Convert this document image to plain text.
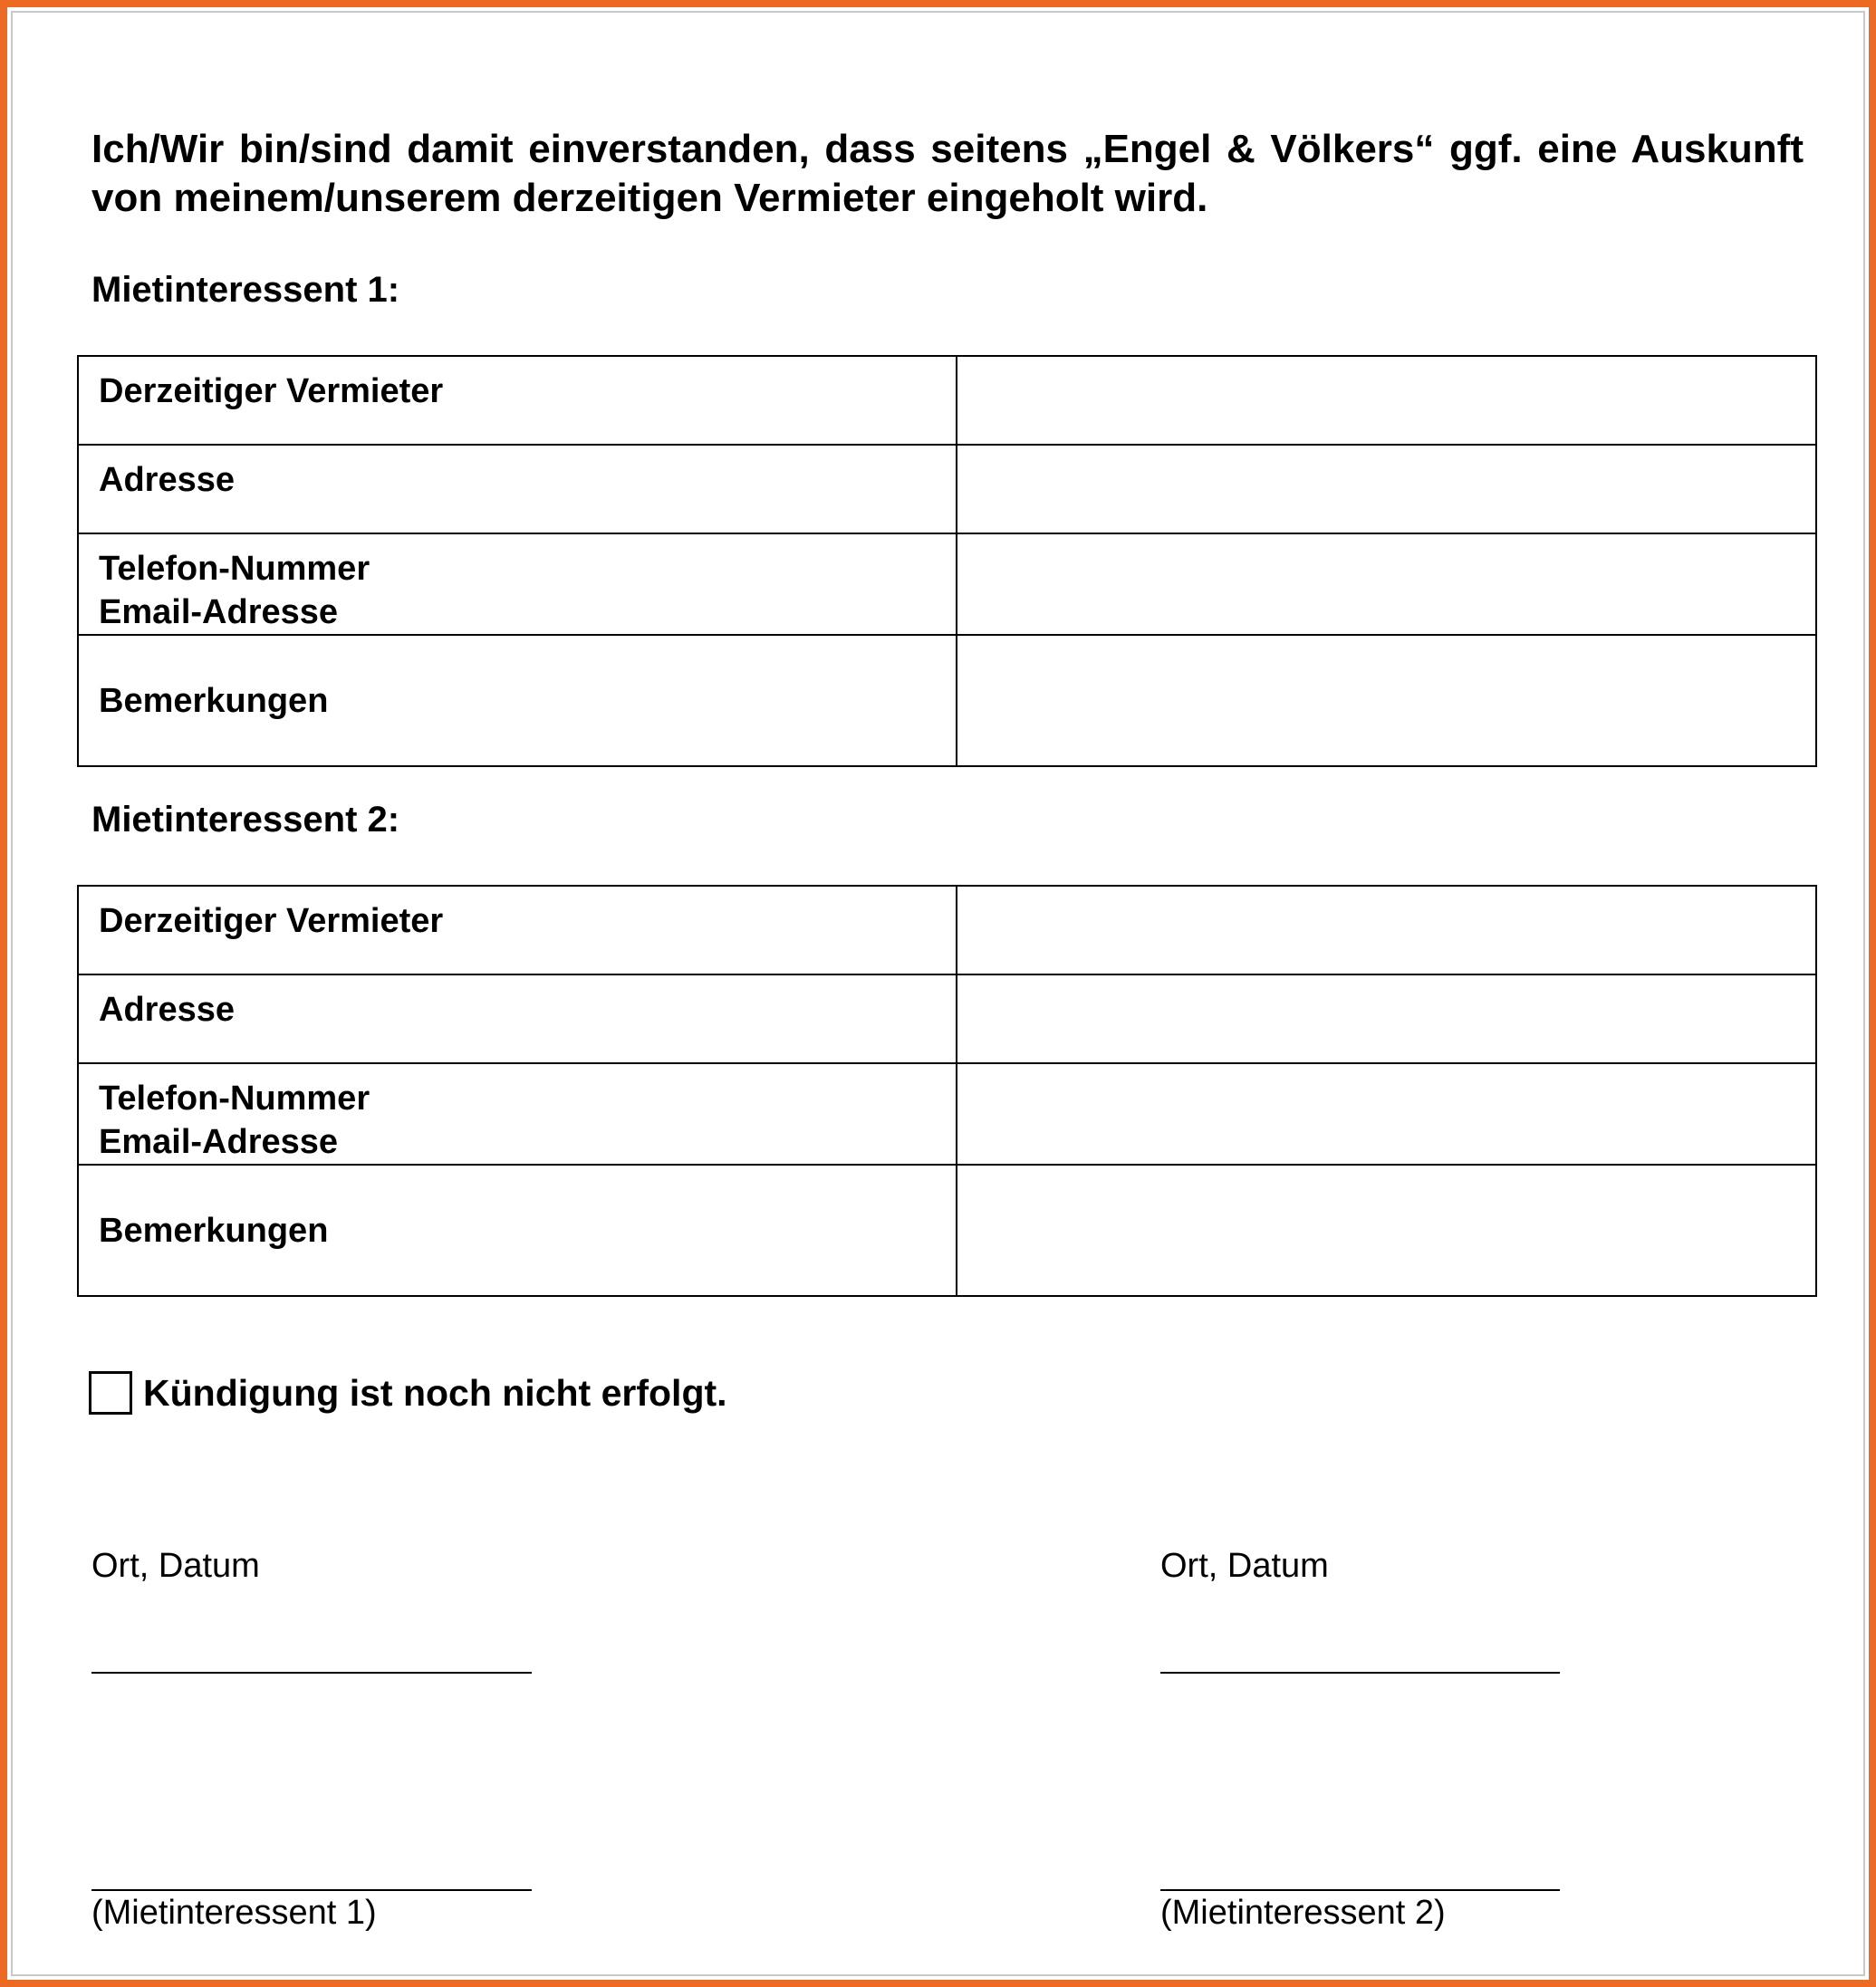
Ich/Wir bin/sind damit einverstanden, dass seitens „Engel & Völkers“ ggf. eine Auskunft von meinem/unserem derzeitigen Vermieter eingeholt wird.

Mietinteressent 1:

Derzeitiger Vermieter	
Adresse	

Telefon-Nummer
Email-Adresse	

Bemerkungen	

Mietinteressent 2:

Derzeitiger Vermieter	
Adresse	

Telefon-Nummer
Email-Adresse	

Bemerkungen	
Kündigung ist noch nicht erfolgt.
Ort, Datum
(Mietinteressent 1)
Ort, Datum
(Mietinteressent 2)
